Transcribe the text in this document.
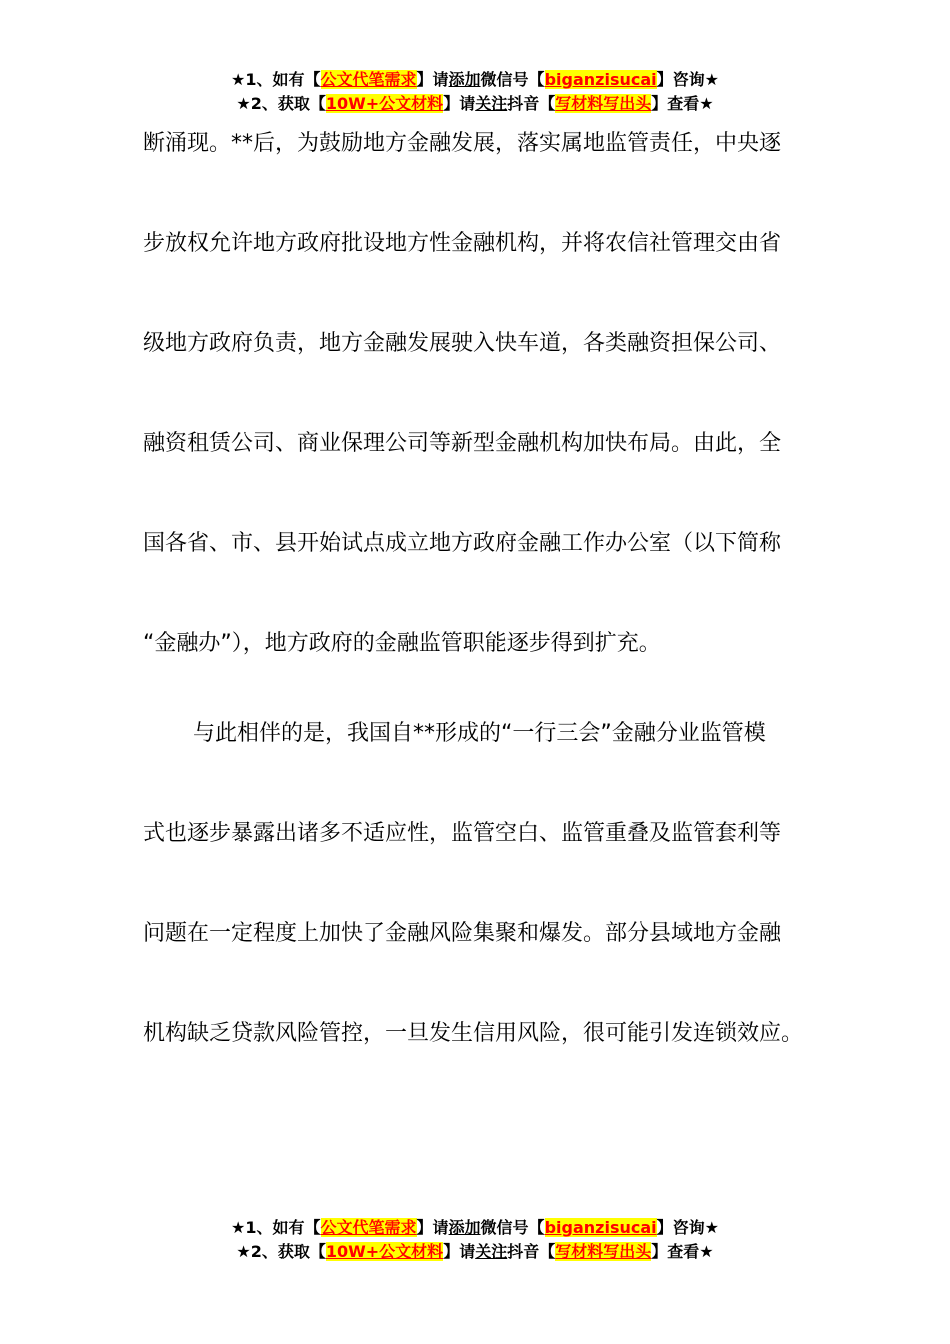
★1、如有【公文代笔需求】请添加微信号【biganzisucai】咨询★
★2、获取【10W+公文材料】请关注抖音【写材料写出头】查看★
断涌现。**后，为鼓励地方金融发展，落实属地监管责任，中央逐
步放权允许地方政府批设地方性金融机构，并将农信社管理交由省
级地方政府负责，地方金融发展驶入快车道，各类融资担保公司、
融资租赁公司、商业保理公司等新型金融机构加快布局。由此，全
国各省、市、县开始试点成立地方政府金融工作办公室（以下简称
“金融办”），地方政府的金融监管职能逐步得到扩充。
与此相伴的是，我国自**形成的“一行三会”金融分业监管模
式也逐步暴露出诸多不适应性，监管空白、监管重叠及监管套利等
问题在一定程度上加快了金融风险集聚和爆发。部分县域地方金融
机构缺乏贷款风险管控，一旦发生信用风险，很可能引发连锁效应。
★1、如有【公文代笔需求】请添加微信号【biganzisucai】咨询★
★2、获取【10W+公文材料】请关注抖音【写材料写出头】查看★
